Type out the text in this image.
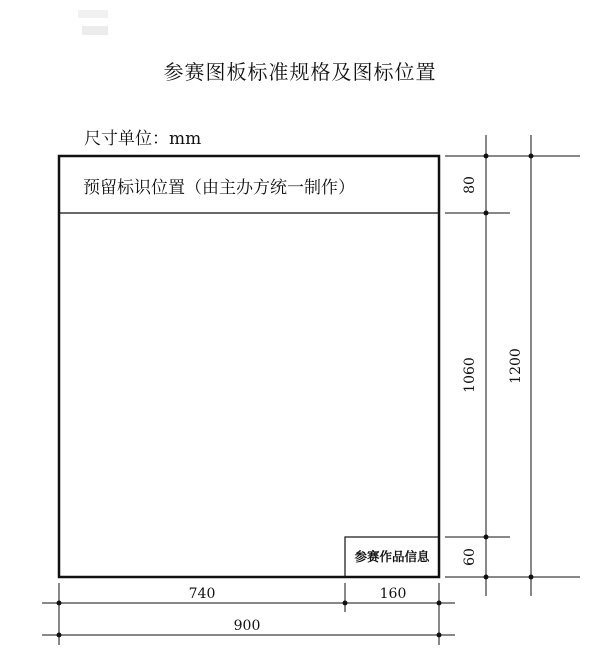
参赛图板标准规格及图标位置
尺寸单位：mm
预留标识位置（由主办方统一制作）
参赛作品信息
80
1060
60
1200
740	160
900
